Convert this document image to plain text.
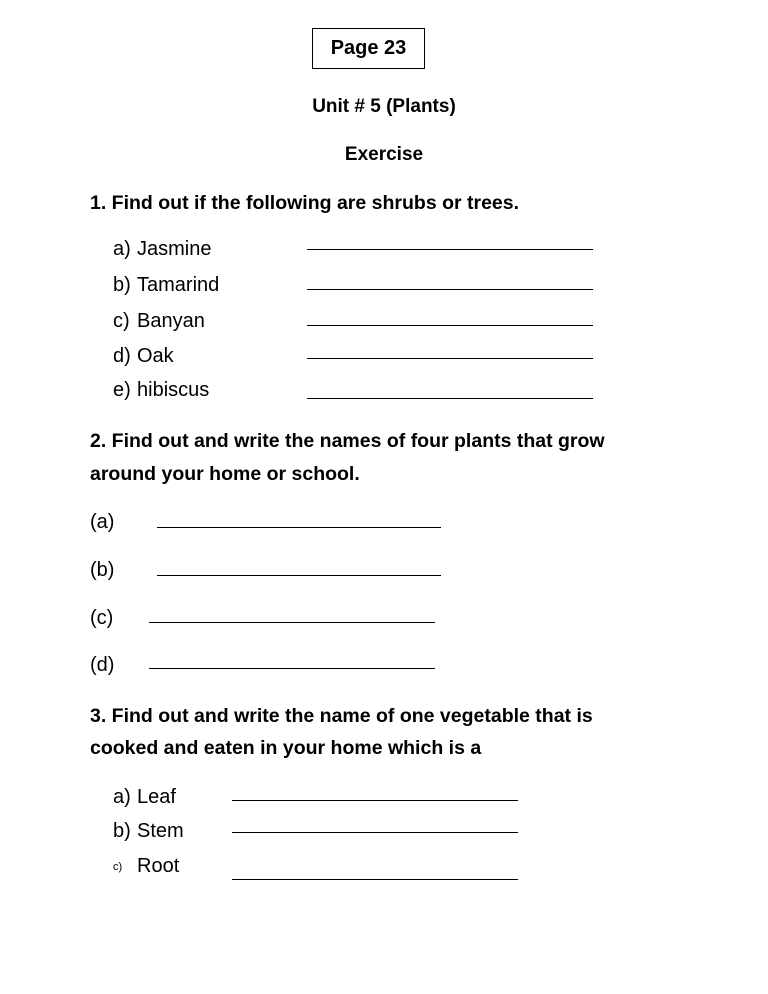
Page 23
Unit # 5 (Plants)
Exercise
1. Find out if the following are shrubs or trees.
a) Jasmine
b) Tamarind
c) Banyan
d) Oak
e) hibiscus
2. Find out and write the names of four plants that grow
around your home or school.
(a)
(b)
(c)
(d)
3. Find out and write the name of one vegetable that is
cooked and eaten in your home which is a
a) Leaf
b) Stem
c) Root
